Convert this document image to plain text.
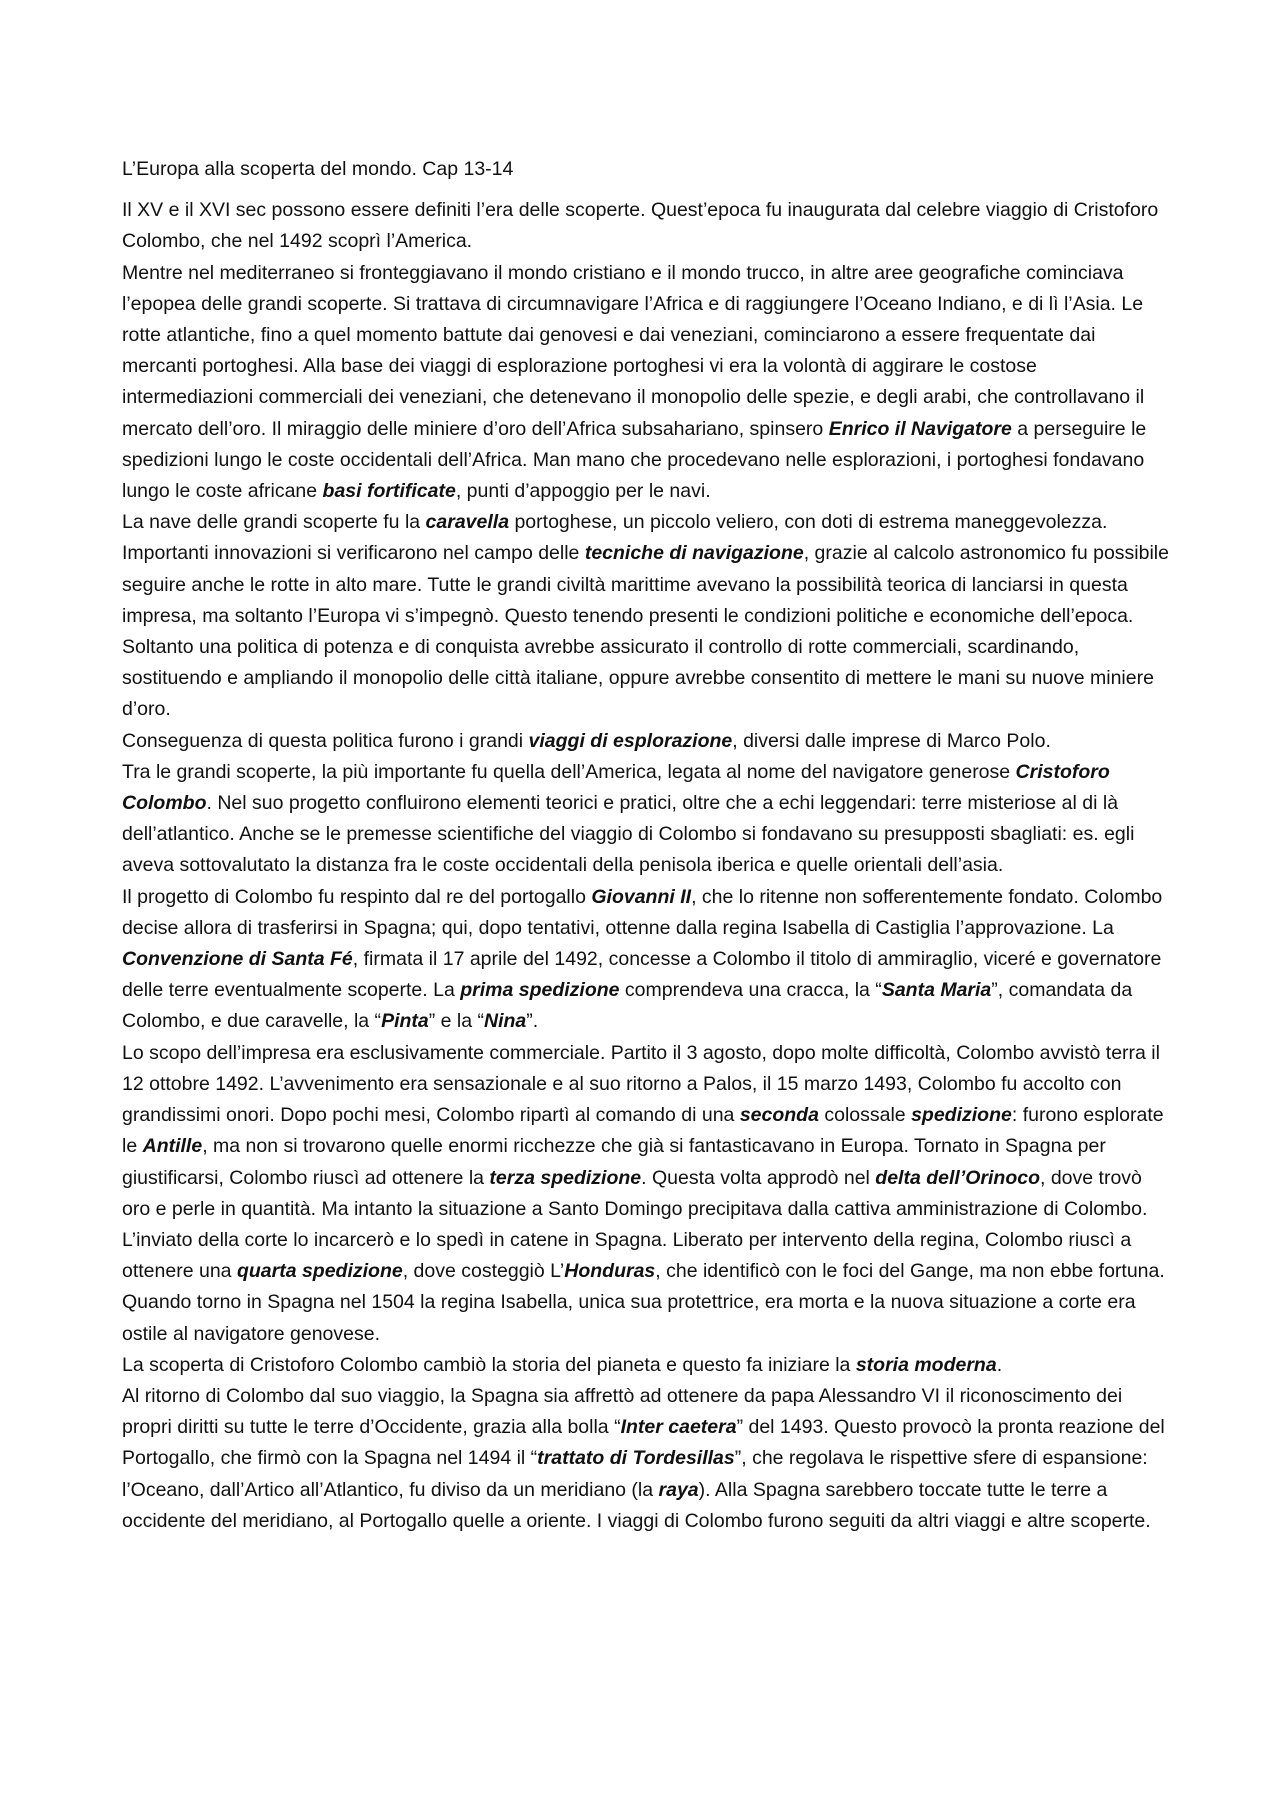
L’Europa alla scoperta del mondo. Cap 13-14

Il XV e il XVI sec possono essere definiti l’era delle scoperte. Quest’epoca fu inaugurata dal celebre viaggio di Cristoforo Colombo, che nel 1492 scoprì l’America.
Mentre nel mediterraneo si fronteggiavano il mondo cristiano e il mondo trucco, in altre aree geografiche cominciava l’epopea delle grandi scoperte. Si trattava di circumnavigare l’Africa e di raggiungere l’Oceano Indiano, e di lì l’Asia. Le rotte atlantiche, fino a quel momento battute dai genovesi e dai veneziani, cominciarono a essere frequentate dai mercanti portoghesi. Alla base dei viaggi di esplorazione portoghesi vi era la volontà di aggirare le costose intermediazioni commerciali dei veneziani, che detenevano il monopolio delle spezie, e degli arabi, che controllavano il mercato dell’oro. Il miraggio delle miniere d’oro dell’Africa subsahariano, spinsero Enrico il Navigatore a perseguire le spedizioni lungo le coste occidentali dell’Africa. Man mano che procedevano nelle esplorazioni, i portoghesi fondavano lungo le coste africane basi fortificate, punti d’appoggio per le navi.
La nave delle grandi scoperte fu la caravella portoghese, un piccolo veliero, con doti di estrema maneggevolezza. Importanti innovazioni si verificarono nel campo delle tecniche di navigazione, grazie al calcolo astronomico fu possibile seguire anche le rotte in alto mare. Tutte le grandi civiltà marittime avevano la possibilità teorica di lanciarsi in questa impresa, ma soltanto l’Europa vi s’impegnò. Questo tenendo presenti le condizioni politiche e economiche dell’epoca. Soltanto una politica di potenza e di conquista avrebbe assicurato il controllo di rotte commerciali, scardinando, sostituendo e ampliando il monopolio delle città italiane, oppure avrebbe consentito di mettere le mani su nuove miniere d’oro.
Conseguenza di questa politica furono i grandi viaggi di esplorazione, diversi dalle imprese di Marco Polo.
Tra le grandi scoperte, la più importante fu quella dell’America, legata al nome del navigatore generose Cristoforo Colombo. Nel suo progetto confluirono elementi teorici e pratici, oltre che a echi leggendari: terre misteriose al di là dell’atlantico. Anche se le premesse scientifiche del viaggio di Colombo si fondavano su presupposti sbagliati: es. egli aveva sottovalutato la distanza fra le coste occidentali della penisola iberica e quelle orientali dell’asia.
Il progetto di Colombo fu respinto dal re del portogallo Giovanni II, che lo ritenne non sofferentemente fondato. Colombo decise allora di trasferirsi in Spagna; qui, dopo tentativi, ottenne dalla regina Isabella di Castiglia l’approvazione. La Convenzione di Santa Fé, firmata il 17 aprile del 1492, concesse a Colombo il titolo di ammiraglio, viceré e governatore delle terre eventualmente scoperte. La prima spedizione comprendeva una cracca, la “Santa Maria”, comandata da Colombo, e due caravelle, la “Pinta” e la “Nina”.
Lo scopo dell’impresa era esclusivamente commerciale. Partito il 3 agosto, dopo molte difficoltà, Colombo avvistò terra il 12 ottobre 1492. L’avvenimento era sensazionale e al suo ritorno a Palos, il 15 marzo 1493, Colombo fu accolto con grandissimi onori. Dopo pochi mesi, Colombo ripartì al comando di una seconda colossale spedizione: furono esplorate le Antille, ma non si trovarono quelle enormi ricchezze che già si fantasticavano in Europa. Tornato in Spagna per giustificarsi, Colombo riuscì ad ottenere la terza spedizione. Questa volta approdò nel delta dell’Orinoco, dove trovò oro e perle in quantità. Ma intanto la situazione a Santo Domingo precipitava dalla cattiva amministrazione di Colombo. L’inviato della corte lo incarcerò e lo spedì in catene in Spagna. Liberato per intervento della regina, Colombo riuscì a ottenere una quarta spedizione, dove costeggiò L’Honduras, che identificò con le foci del Gange, ma non ebbe fortuna. Quando torno in Spagna nel 1504 la regina Isabella, unica sua protettrice, era morta e la nuova situazione a corte era ostile al navigatore genovese.
La scoperta di Cristoforo Colombo cambiò la storia del pianeta e questo fa iniziare la storia moderna.
Al ritorno di Colombo dal suo viaggio, la Spagna sia affrettò ad ottenere da papa Alessandro VI il riconoscimento dei propri diritti su tutte le terre d’Occidente, grazia alla bolla “Inter caetera” del 1493. Questo provocò la pronta reazione del Portogallo, che firmò con la Spagna nel 1494 il “trattato di Tordesillas”, che regolava le rispettive sfere di espansione: l’Oceano, dall’Artico all’Atlantico, fu diviso da un meridiano (la raya). Alla Spagna sarebbero toccate tutte le terre a occidente del meridiano, al Portogallo quelle a oriente. I viaggi di Colombo furono seguiti da altri viaggi e altre scoperte.
